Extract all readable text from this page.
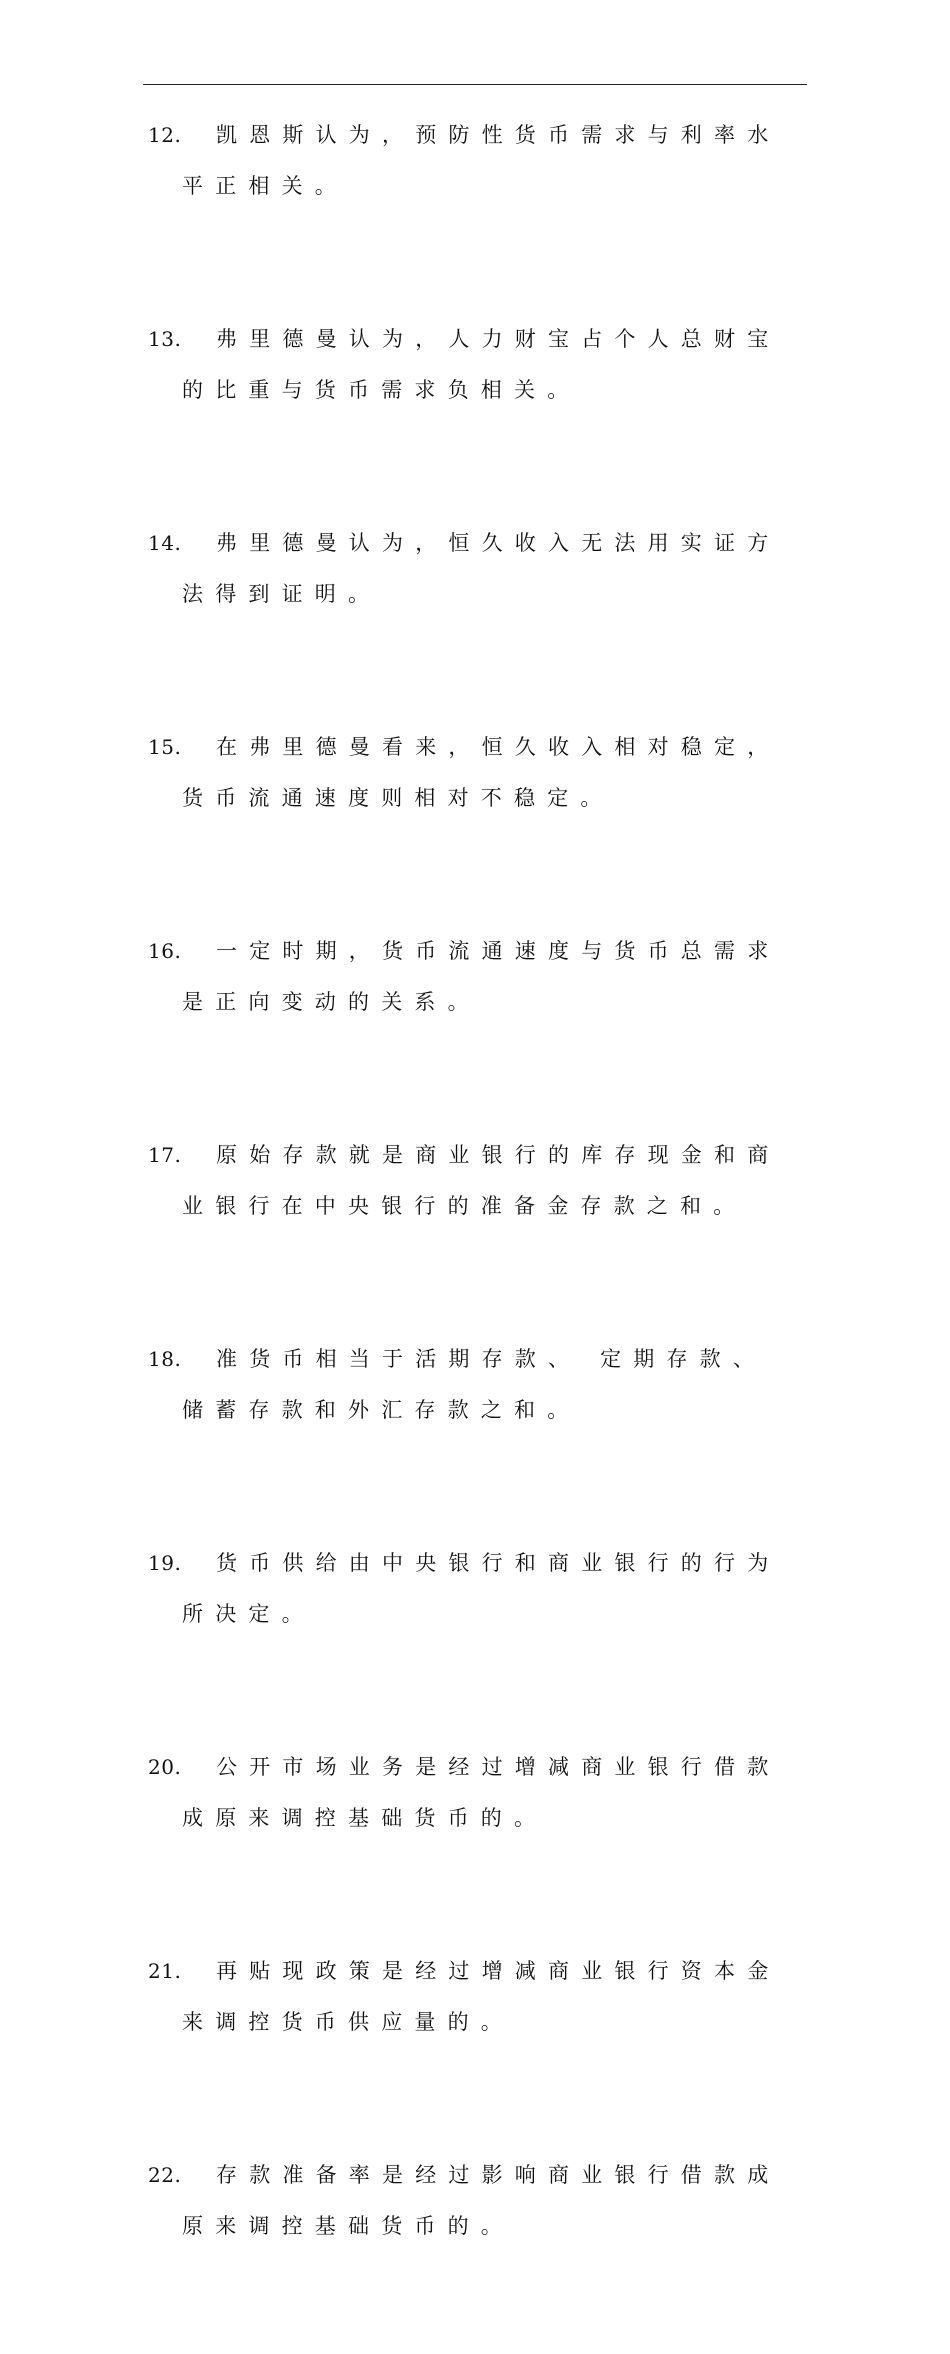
12.	凯恩斯认为，预防性货币需求与利率水
平正相关。
13.	弗里德曼认为，人力财宝占个人总财宝
的比重与货币需求负相关。
14.	弗里德曼认为，恒久收入无法用实证方
法得到证明。
15.	在弗里德曼看来，恒久收入相对稳定，
货币流通速度则相对不稳定。
16.	一定时期，货币流通速度与货币总需求
是正向变动的关系。
17.	原始存款就是商业银行的库存现金和商
业银行在中央银行的准备金存款之和。
18.	准货币相当于活期存款、 定期存款、
储蓄存款和外汇存款之和。
19.	货币供给由中央银行和商业银行的行为
所决定。
20.	公开市场业务是经过增减商业银行借款
成原来调控基础货币的。
21.	再贴现政策是经过增减商业银行资本金
来调控货币供应量的。
22.	存款准备率是经过影响商业银行借款成
原来调控基础货币的。
